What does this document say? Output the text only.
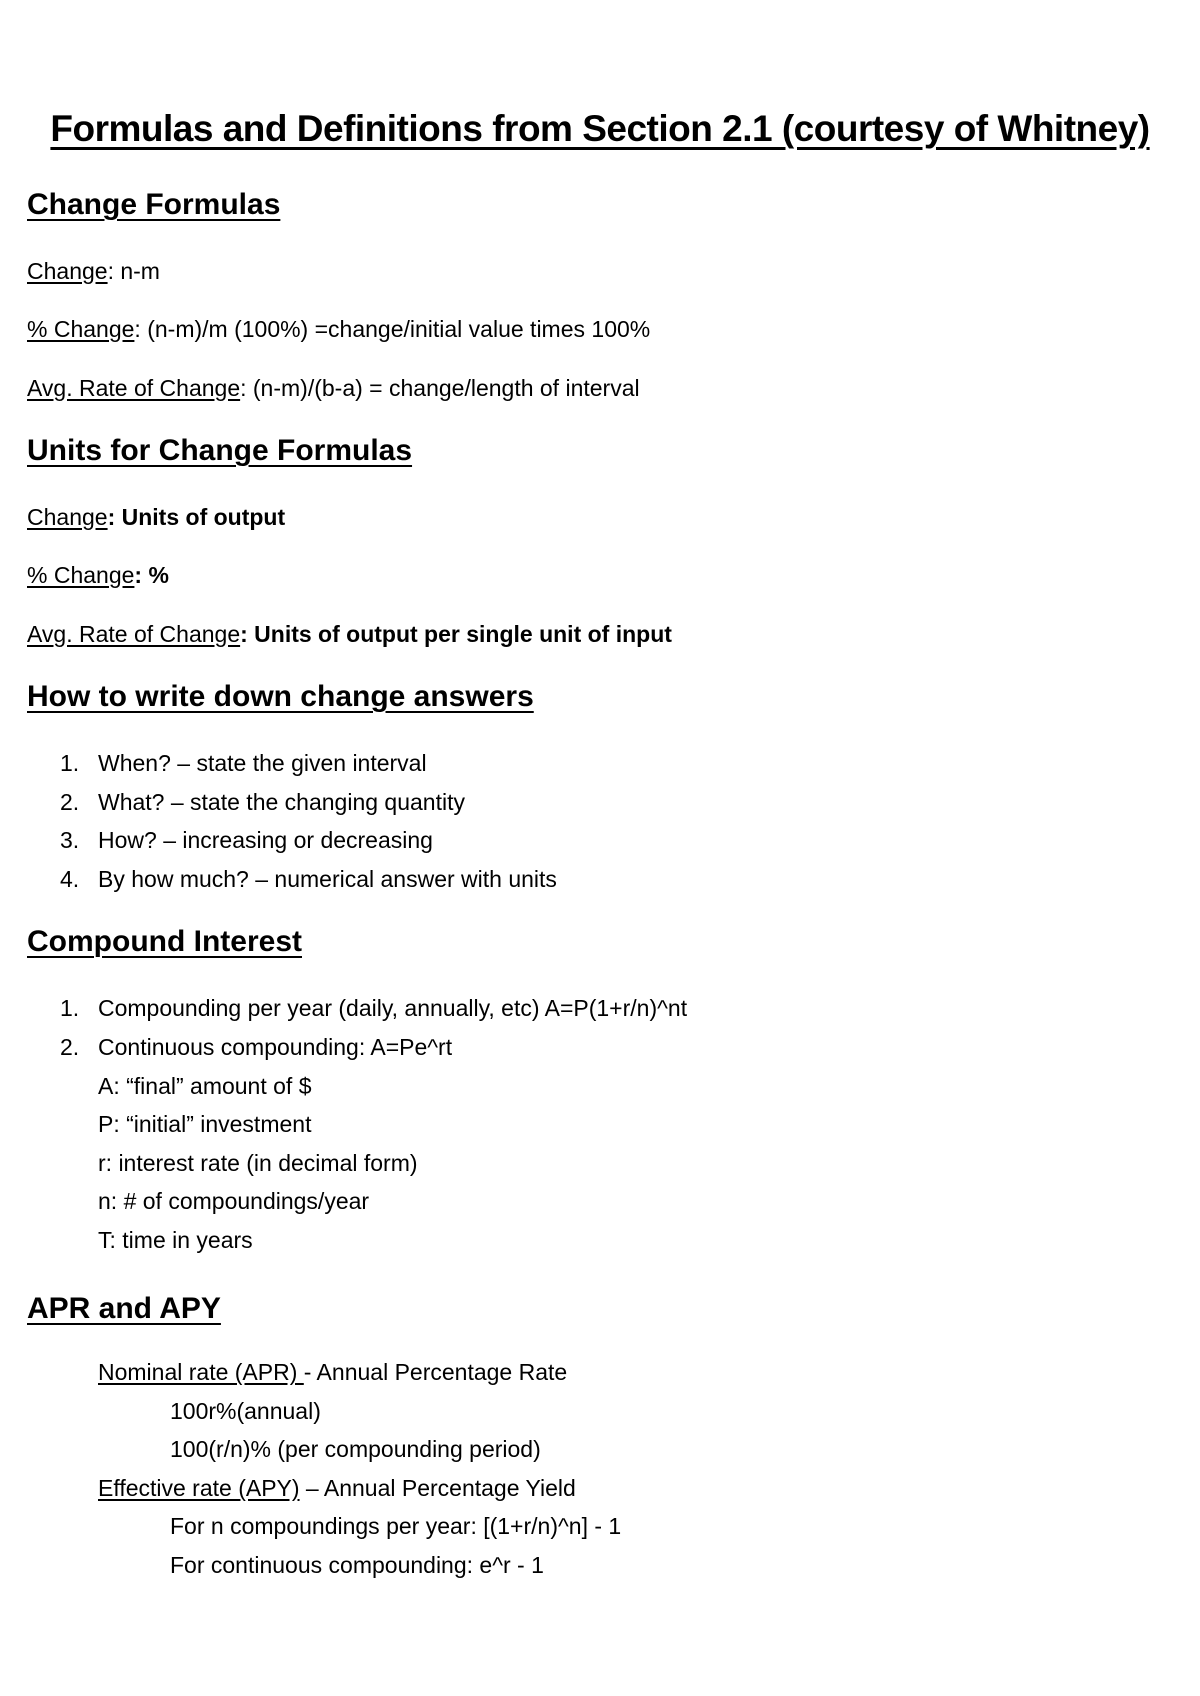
Formulas and Definitions from Section 2.1 (courtesy of Whitney)
Change Formulas

Change: n-m

% Change: (n-m)/m (100%) =change/initial value times 100%

Avg. Rate of Change: (n-m)/(b-a) = change/length of interval

Units for Change Formulas

Change: Units of output

% Change: %

Avg. Rate of Change: Units of output per single unit of input

How to write down change answers
1. When? – state the given interval
2. What? – state the changing quantity
3. How? – increasing or decreasing
4. By how much? – numerical answer with units
Compound Interest
1. Compounding per year (daily, annually, etc) A=P(1+r/n)^nt
2. Continuous compounding: A=Pe^rt

A: “final” amount of $

P: “initial” investment

r: interest rate (in decimal form)

n: # of compoundings/year

T: time in years

APR and APY

Nominal rate (APR) - Annual Percentage Rate

100r%(annual)

100(r/n)% (per compounding period)

Effective rate (APY) – Annual Percentage Yield

For n compoundings per year: [(1+r/n)^n] - 1

For continuous compounding: e^r - 1
